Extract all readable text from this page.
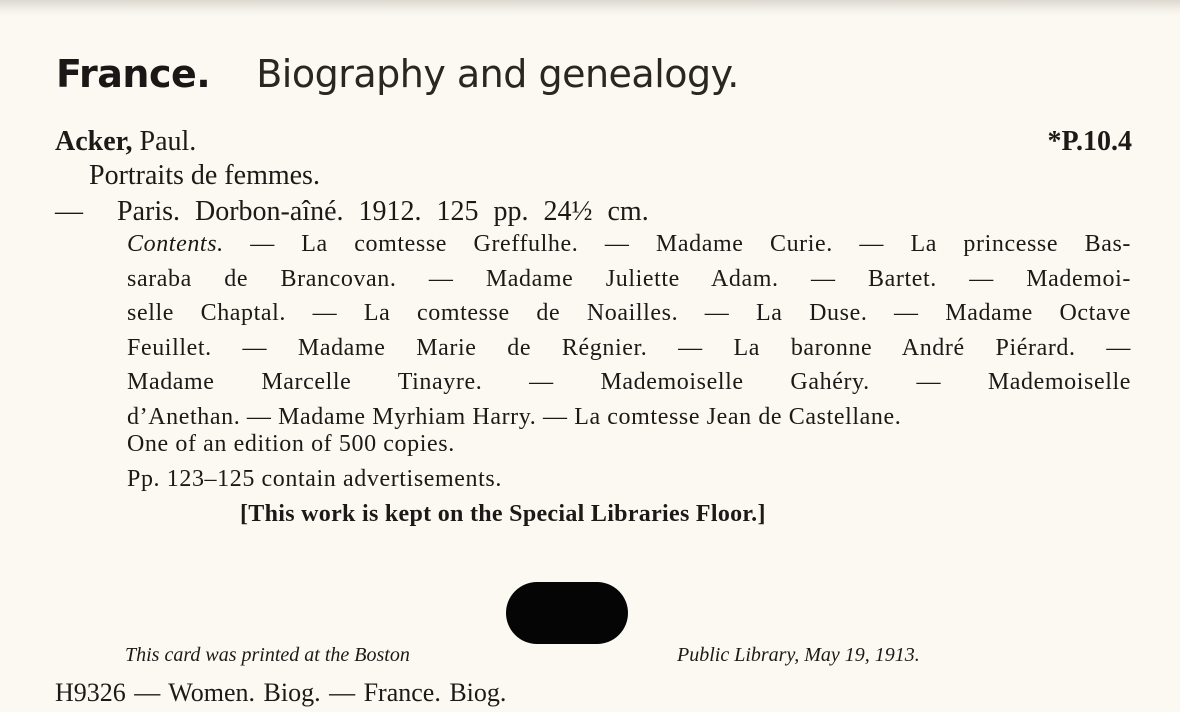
France. Biography and genealogy.
Acker, Paul.	*P.10.4
Portraits de femmes.
— Paris. Dorbon-aîné. 1912. 125 pp. 24½ cm.
Contents. — La comtesse Greffulhe. — Madame Curie. — La princesse Bas-
saraba de Brancovan. — Madame Juliette Adam. — Bartet. — Mademoi-
selle Chaptal. — La comtesse de Noailles. — La Duse. — Madame Octave
Feuillet. — Madame Marie de Régnier. — La baronne André Piérard. —
Madame Marcelle Tinayre. — Mademoiselle Gahéry. — Mademoiselle
d’Anethan. — Madame Myrhiam Harry. — La comtesse Jean de Castellane.
One of an edition of 500 copies.
Pp. 123–125 contain advertisements.
[This work is kept on the Special Libraries Floor.]
This card was printed at the Boston	Public Library, May 19, 1913.
H9326 — Women. Biog. — France. Biog.
